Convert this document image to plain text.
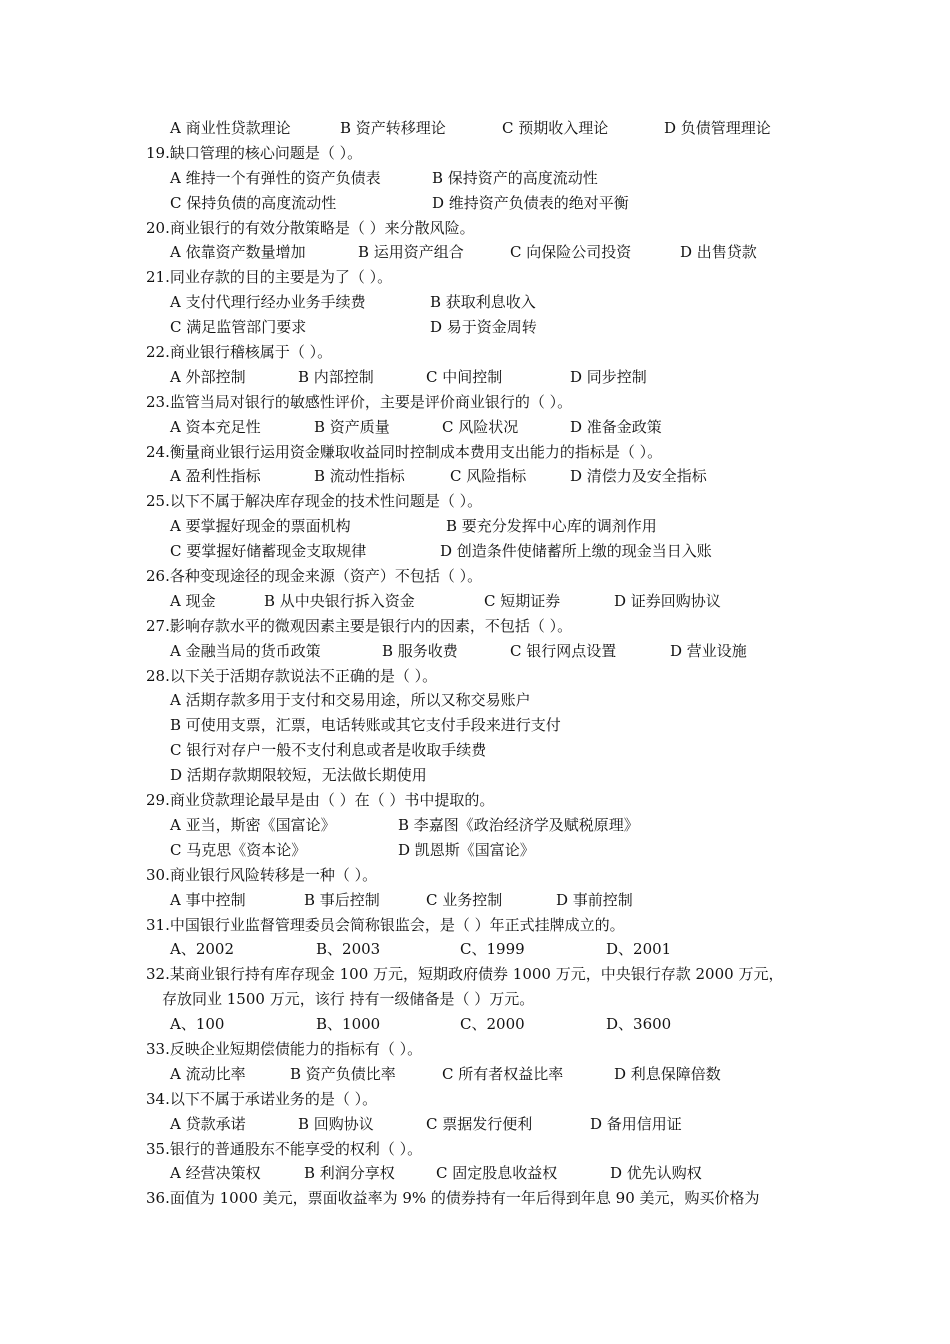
A 商业性贷款理论	B 资产转移理论	C 预期收入理论	D 负债管理理论
19.缺口管理的核心问题是（ ）。
A 维持一个有弹性的资产负债表	B 保持资产的高度流动性
C 保持负债的高度流动性	D 维持资产负债表的绝对平衡
20.商业银行的有效分散策略是（ ）来分散风险。
A 依靠资产数量增加	B 运用资产组合	C 向保险公司投资	D 出售贷款
21.同业存款的目的主要是为了（ ）。
A 支付代理行经办业务手续费	B 获取利息收入
C 满足监管部门要求	D 易于资金周转
22.商业银行稽核属于（ ）。
A 外部控制	B 内部控制	C 中间控制	D 同步控制
23.监管当局对银行的敏感性评价，主要是评价商业银行的（ ）。
A 资本充足性	B 资产质量	C 风险状况	D 准备金政策
24.衡量商业银行运用资金赚取收益同时控制成本费用支出能力的指标是（ ）。
A 盈利性指标	B 流动性指标	C 风险指标	D 清偿力及安全指标
25.以下不属于解决库存现金的技术性问题是（ ）。
A 要掌握好现金的票面机构	B 要充分发挥中心库的调剂作用
C 要掌握好储蓄现金支取规律	D 创造条件使储蓄所上缴的现金当日入账
26.各种变现途径的现金来源（资产）不包括（ ）。
A 现金	B 从中央银行拆入资金	C 短期证券	D 证券回购协议
27.影响存款水平的微观因素主要是银行内的因素，不包括（ ）。
A 金融当局的货币政策	B 服务收费	C 银行网点设置	D 营业设施
28.以下关于活期存款说法不正确的是（ ）。
A 活期存款多用于支付和交易用途，所以又称交易账户
B 可使用支票，汇票，电话转账或其它支付手段来进行支付
C 银行对存户一般不支付利息或者是收取手续费
D 活期存款期限较短，无法做长期使用
29.商业贷款理论最早是由（ ）在（ ）书中提取的。
A 亚当，斯密《国富论》	B 李嘉图《政治经济学及赋税原理》
C 马克思《资本论》	D 凯恩斯《国富论》
30.商业银行风险转移是一种（ ）。
A 事中控制	B 事后控制	C 业务控制	D 事前控制
31.中国银行业监督管理委员会简称银监会，是（ ）年正式挂牌成立的。
A、2002	B、2003	C、1999	D、2001
32.某商业银行持有库存现金 100 万元，短期政府债券 1000 万元，中央银行存款 2000 万元，
存放同业 1500 万元，该行 持有一级储备是（ ）万元。
A、100	B、1000	C、2000	D、3600
33.反映企业短期偿债能力的指标有（ ）。
A 流动比率	B 资产负债比率	C 所有者权益比率	D 利息保障倍数
34.以下不属于承诺业务的是（ ）。
A 贷款承诺	B 回购协议	C 票据发行便利	D 备用信用证
35.银行的普通股东不能享受的权利（ ）。
A 经营决策权	B 利润分享权	C 固定股息收益权	D 优先认购权
36.面值为 1000 美元，票面收益率为 9% 的债券持有一年后得到年息 90 美元，购买价格为
